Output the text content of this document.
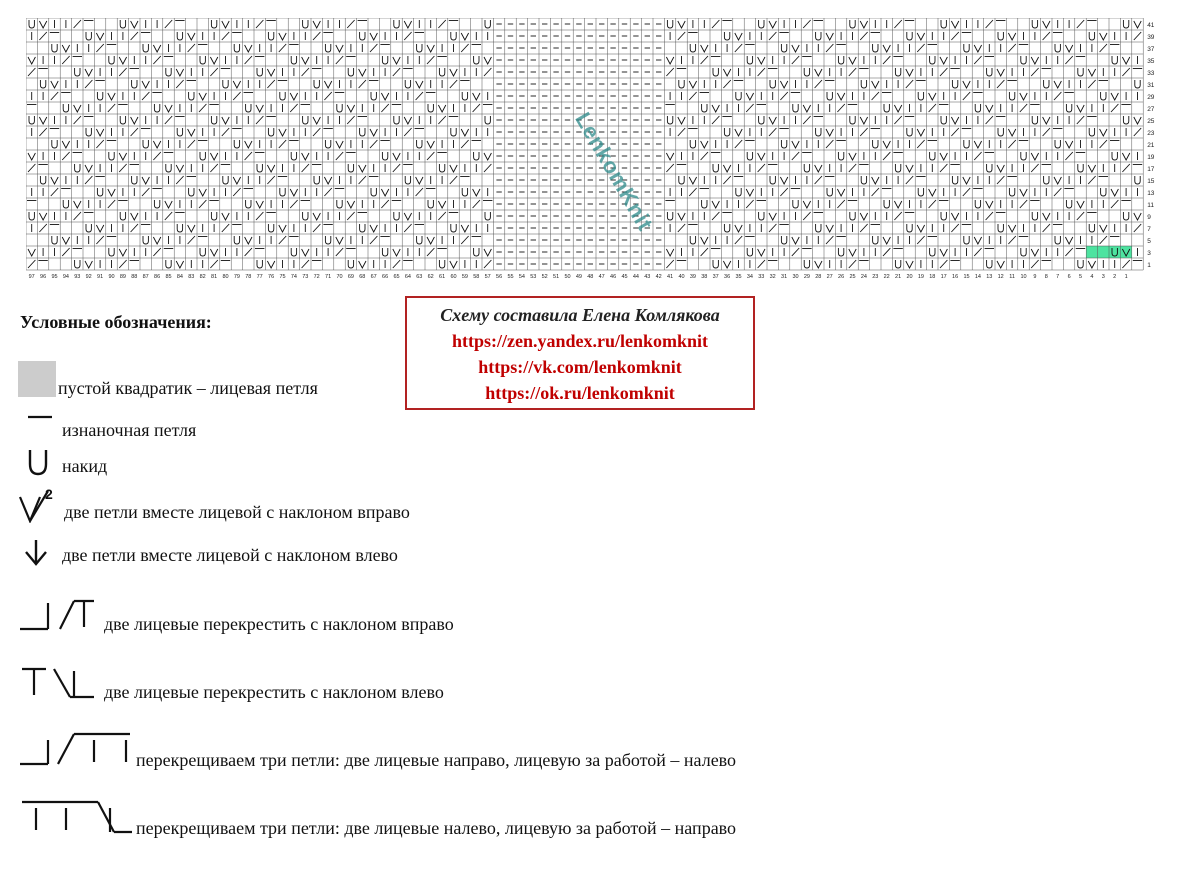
41
39
37
35
33
31
29
27
25
23
21
19
17
15
13
11
9
7
5
3
1
97 96 95 94 93 92 91 90 89 88 87 86 85 84 83 82 81 80 79 78 77 76 75 74 73 72 71 70 69 68 67 66 65 64 63 62 61 60 59 58 57 56 55 54 53 52 51 50 49 48 47 46 45 44 43 42 41 40 39 38 37 36 35 34 33 32 31 30 29 28 27 26 25 24 23 22 21 20 19 18 17 16 15 14 13 12 11 10 9 8 7 6 5 4 3 2 1
LenkomKnit
Условные обозначения:
пустой квадратик – лицевая петля
изнаночная петля
накид
2
две петли вместе лицевой с наклоном вправо
две петли вместе лицевой с наклоном влево
две лицевые перекрестить с наклоном вправо
две лицевые перекрестить с наклоном влево
перекрещиваем три петли: две лицевые направо, лицевую за работой – налево
перекрещиваем три петли: две лицевые налево, лицевую за работой – направо
Схему составила Елена Комлякова
https://zen.yandex.ru/lenkomknit
https://vk.com/lenkomknit
https://ok.ru/lenkomknit
